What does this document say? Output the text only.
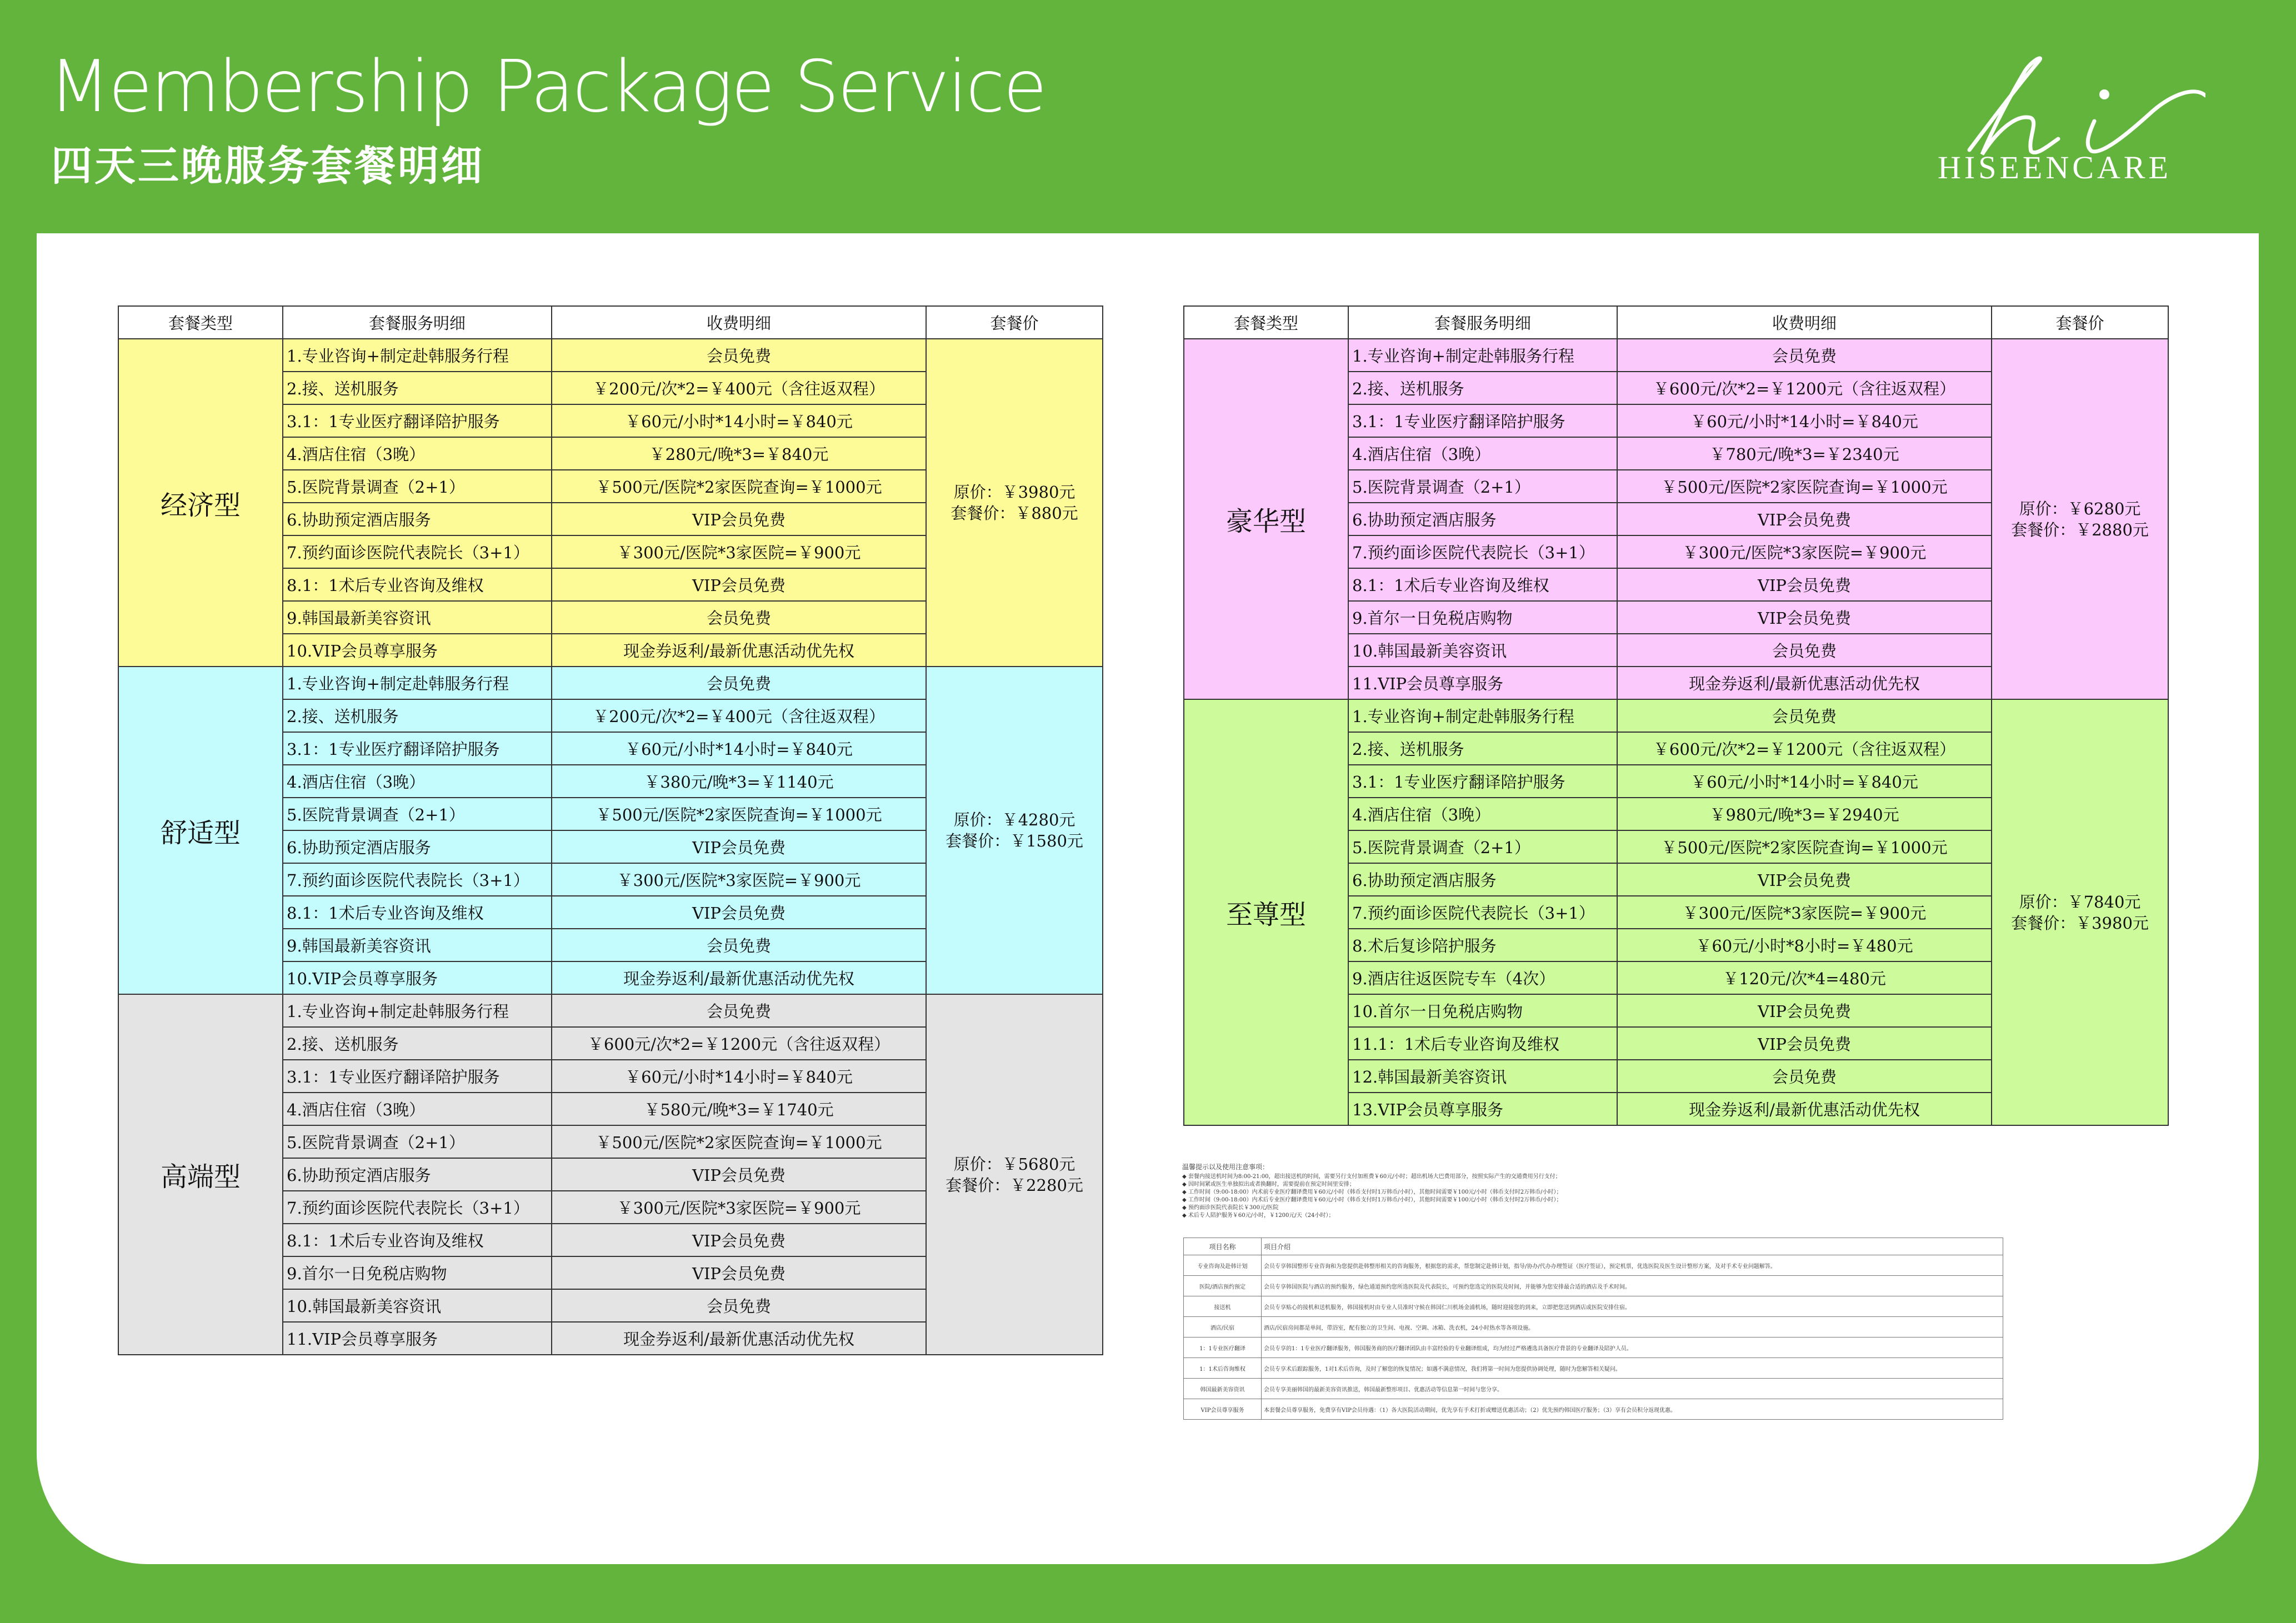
Membership Package Service
四天三晚服务套餐明细	HISEENCARE
套餐类型	套餐服务明细	收费明细	套餐价
经济型	1.专业咨询+制定赴韩服务行程	会员免费	原价：￥3980元
套餐价：￥880元

	2.接、送机服务	￥200元/次*2=￥400元（含往返双程）	
	3.1：1专业医疗翻译陪护服务	￥60元/小时*14小时=￥840元	
	4.酒店住宿（3晚）	￥280元/晚*3=￥840元	
	5.医院背景调查（2+1）	￥500元/医院*2家医院查询=￥1000元	
	6.协助预定酒店服务	VIP会员免费	
	7.预约面诊医院代表院长（3+1）	￥300元/医院*3家医院=￥900元	
	8.1：1术后专业咨询及维权	VIP会员免费	
	9.韩国最新美容资讯	会员免费	
	10.VIP会员尊享服务	现金券返利/最新优惠活动优先权	
舒适型	1.专业咨询+制定赴韩服务行程	会员免费	原价：￥4280元
套餐价：￥1580元

	2.接、送机服务	￥200元/次*2=￥400元（含往返双程）	
	3.1：1专业医疗翻译陪护服务	￥60元/小时*14小时=￥840元	
	4.酒店住宿（3晚）	￥380元/晚*3=￥1140元	
	5.医院背景调查（2+1）	￥500元/医院*2家医院查询=￥1000元	
	6.协助预定酒店服务	VIP会员免费	
	7.预约面诊医院代表院长（3+1）	￥300元/医院*3家医院=￥900元	
	8.1：1术后专业咨询及维权	VIP会员免费	
	9.韩国最新美容资讯	会员免费	
	10.VIP会员尊享服务	现金券返利/最新优惠活动优先权	
高端型	1.专业咨询+制定赴韩服务行程	会员免费	原价：￥5680元
套餐价：￥2280元

	2.接、送机服务	￥600元/次*2=￥1200元（含往返双程）	
	3.1：1专业医疗翻译陪护服务	￥60元/小时*14小时=￥840元	
	4.酒店住宿（3晚）	￥580元/晚*3=￥1740元	
	5.医院背景调查（2+1）	￥500元/医院*2家医院查询=￥1000元	
	6.协助预定酒店服务	VIP会员免费	
	7.预约面诊医院代表院长（3+1）	￥300元/医院*3家医院=￥900元	
	8.1：1术后专业咨询及维权	VIP会员免费	
	9.首尔一日免税店购物	VIP会员免费	
	10.韩国最新美容资讯	会员免费	
	11.VIP会员尊享服务	现金券返利/最新优惠活动优先权	
套餐类型	套餐服务明细	收费明细	套餐价
豪华型	1.专业咨询+制定赴韩服务行程	会员免费	原价：￥6280元
套餐价：￥2880元

	2.接、送机服务	￥600元/次*2=￥1200元（含往返双程）	
	3.1：1专业医疗翻译陪护服务	￥60元/小时*14小时=￥840元	
	4.酒店住宿（3晚）	￥780元/晚*3=￥2340元	
	5.医院背景调查（2+1）	￥500元/医院*2家医院查询=￥1000元	
	6.协助预定酒店服务	VIP会员免费	
	7.预约面诊医院代表院长（3+1）	￥300元/医院*3家医院=￥900元	
	8.1：1术后专业咨询及维权	VIP会员免费	
	9.首尔一日免税店购物	VIP会员免费	
	10.韩国最新美容资讯	会员免费	
	11.VIP会员尊享服务	现金券返利/最新优惠活动优先权	
至尊型	1.专业咨询+制定赴韩服务行程	会员免费	原价：￥7840元
套餐价：￥3980元

	2.接、送机服务	￥600元/次*2=￥1200元（含往返双程）	
	3.1：1专业医疗翻译陪护服务	￥60元/小时*14小时=￥840元	
	4.酒店住宿（3晚）	￥980元/晚*3=￥2940元	
	5.医院背景调查（2+1）	￥500元/医院*2家医院查询=￥1000元	
	6.协助预定酒店服务	VIP会员免费	
	7.预约面诊医院代表院长（3+1）	￥300元/医院*3家医院=￥900元	
	8.术后复诊陪护服务	￥60元/小时*8小时=￥480元	
	9.酒店往返医院专车（4次）	￥120元/次*4=480元	
	10.首尔一日免税店购物	VIP会员免费	
	11.1：1术后专业咨询及维权	VIP会员免费	
	12.韩国最新美容资讯	会员免费	
	13.VIP会员尊享服务	现金券返利/最新优惠活动优先权	
温馨提示以及使用注意事项：
◆ 套餐内接送机时间为8:00-21:00，超出接送机的时间，需要另行支付加班费￥60元/小时；超出机场大巴费用部分，按照实际产生的交通费用另行支付；
◆ 因时间紧或医生单独拟出或者换翻时，需要提前在预定时间里安排；
◆ 工作时间（9:00-18:00）内术前专业医疗翻译费用￥60元/小时（韩币支付时1万韩币/小时），其他时间需要￥100元/小时（韩币支付时2万韩币/小时）；
◆ 工作时间（9:00-18:00）内术后专业医疗翻译费用￥60元/小时（韩币支付时1万韩币/小时），其他时间需要￥100元/小时（韩币支付时2万韩币/小时）；
◆ 预约面诊医院代表院长￥300元/医院
◆ 术后专人陪护服务￥60元/小时，￥1200元/天（24小时）；
项目名称	项目介绍
专业咨询及赴韩计划	会员专享韩国整形专业咨询和为您提供赴韩整形相关的咨询服务，根据您的需求，帮您制定赴韩计划，指导/协办/代办办理签证（医疗签证），预定机票，优选医院及医生设计整形方案，及对手术专业问题解答。
医院/酒店预约预定	会员专享韩国医院与酒店的预约服务，绿色通道预约您所选医院及代表院长，可预约您选定的医院及时间，并能够为您安排最合适的酒店及手术时间。
接送机	会员专享贴心的接机和送机服务，韩国接机时由专业人员准时守候在韩国仁川机场金浦机场，随时迎接您的到来，立即把您送到酒店或医院安排住宿。
酒店/民宿	酒店/民宿房间都是单间，带浴室，配有独立的卫生间、电视、空调、冰箱、洗衣机，24小时热水等各项设施。
1：1专业医疗翻译	会员专享的1：1专业医疗翻译服务，韩国服务商的医疗翻译团队由丰富经验的专业翻译组成，均为经过严格遴选具备医疗背景的专业翻译及陪护人员。
1：1术后咨询维权	会员专享术后跟踪服务，1对1术后咨询，及时了解您的恢复情况；如遇不满意情况，我们将第一时间为您提供协调处理，随时为您解答相关疑问。
韩国最新美容资讯	会员专享美丽韩国的最新美容资讯推送，韩国最新整形项目、优惠活动等信息第一时间与您分享。
VIP会员尊享服务	本套餐会员尊享服务，免费享有VIP会员待遇：（1）各大医院活动期间，优先享有手术打折或赠送优惠活动；（2）优先预约韩国医疗服务；（3）享有会员积分返现优惠。
